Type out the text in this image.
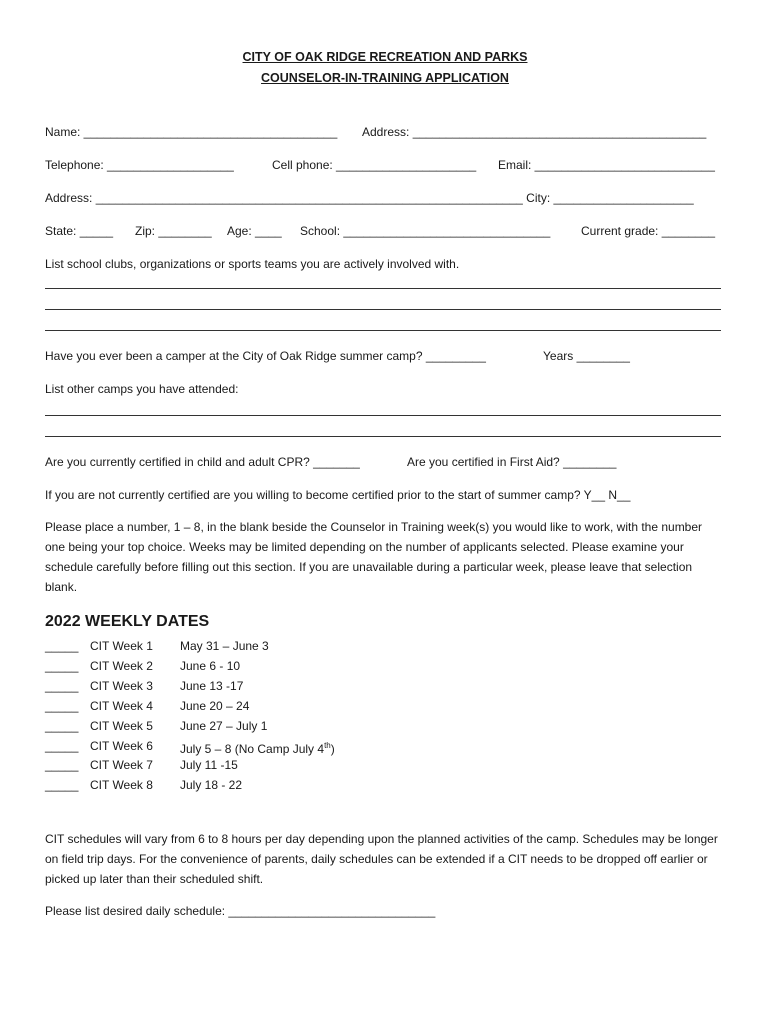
CITY OF OAK RIDGE RECREATION AND PARKS
COUNSELOR-IN-TRAINING APPLICATION
Name: ______________________________________ Address: ____________________________________________
Telephone: ___________________	Cell phone: _____________________ Email: ___________________________
Address: ________________________________________________________________ City: _____________________
State: _____ Zip: ________ Age: ____ School: _______________________________	Current grade: ________
List school clubs, organizations or sports teams you are actively involved with.
Have you ever been a camper at the City of Oak Ridge summer camp? _________	Years ________
List other camps you have attended:
Are you currently certified in child and adult CPR? _______	Are you certified in First Aid? ________
If you are not currently certified are you willing to become certified prior to the start of summer camp? Y__ N__
Please place a number, 1 – 8, in the blank beside the Counselor in Training week(s) you would like to work, with the number one being your top choice. Weeks may be limited depending on the number of applicants selected. Please examine your schedule carefully before filling out this section. If you are unavailable during a particular week, please leave that selection blank.
2022 WEEKLY DATES
_____ CIT Week 1 May 31 – June 3
_____ CIT Week 2 June 6 - 10
_____ CIT Week 3 June 13 -17
_____ CIT Week 4 June 20 – 24
_____ CIT Week 5 June 27 – July 1
_____ CIT Week 6 July 5 – 8 (No Camp July 4th)
_____ CIT Week 7 July 11 -15
_____ CIT Week 8 July 18 - 22
CIT schedules will vary from 6 to 8 hours per day depending upon the planned activities of the camp. Schedules may be longer on field trip days. For the convenience of parents, daily schedules can be extended if a CIT needs to be dropped off earlier or picked up later than their scheduled shift.
Please list desired daily schedule: _______________________________
